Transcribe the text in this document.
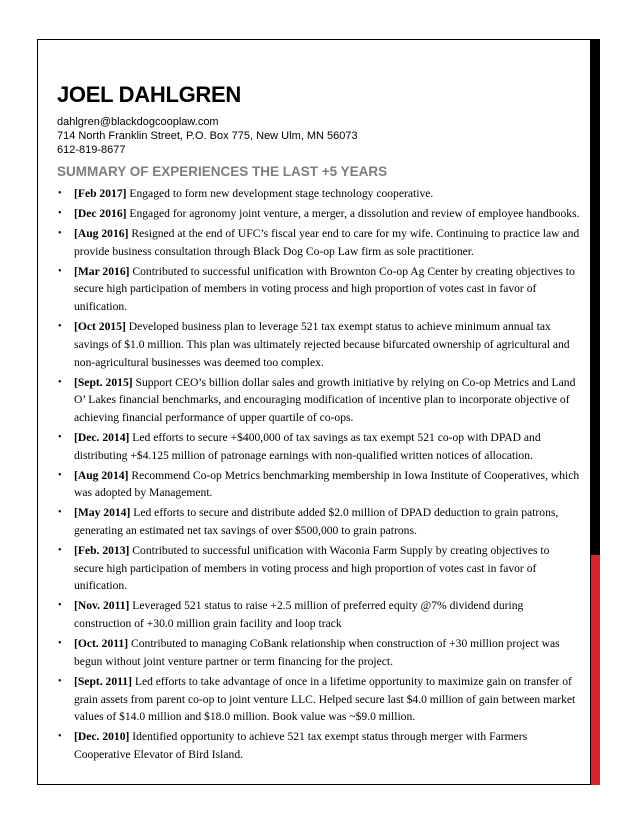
JOEL DAHLGREN
dahlgren@blackdogcooplaw.com
714 North Franklin Street, P.O. Box 775, New Ulm, MN 56073
612-819-8677
SUMMARY OF EXPERIENCES THE LAST +5 YEARS
• [Feb 2017] Engaged to form new development stage technology cooperative.
• [Dec 2016] Engaged for agronomy joint venture, a merger, a dissolution and review of employee handbooks.
• [Aug 2016] Resigned at the end of UFC’s fiscal year end to care for my wife. Continuing to practice law and provide business consultation through Black Dog Co-op Law firm as sole practitioner.
• [Mar 2016] Contributed to successful unification with Brownton Co-op Ag Center by creating objectives to secure high participation of members in voting process and high proportion of votes cast in favor of unification.
• [Oct 2015] Developed business plan to leverage 521 tax exempt status to achieve minimum annual tax savings of $1.0 million. This plan was ultimately rejected because bifurcated ownership of agricultural and non-agricultural businesses was deemed too complex.
• [Sept. 2015] Support CEO’s billion dollar sales and growth initiative by relying on Co-op Metrics and Land O’ Lakes financial benchmarks, and encouraging modification of incentive plan to incorporate objective of achieving financial performance of upper quartile of co-ops.
• [Dec. 2014] Led efforts to secure +$400,000 of tax savings as tax exempt 521 co-op with DPAD and distributing +$4.125 million of patronage earnings with non-qualified written notices of allocation.
• [Aug 2014] Recommend Co-op Metrics benchmarking membership in Iowa Institute of Cooperatives, which was adopted by Management.
• [May 2014] Led efforts to secure and distribute added $2.0 million of DPAD deduction to grain patrons, generating an estimated net tax savings of over $500,000 to grain patrons.
• [Feb. 2013] Contributed to successful unification with Waconia Farm Supply by creating objectives to secure high participation of members in voting process and high proportion of votes cast in favor of unification.
• [Nov. 2011] Leveraged 521 status to raise +2.5 million of preferred equity @7% dividend during construction of +30.0 million grain facility and loop track
• [Oct. 2011] Contributed to managing CoBank relationship when construction of +30 million project was begun without joint venture partner or term financing for the project.
• [Sept. 2011] Led efforts to take advantage of once in a lifetime opportunity to maximize gain on transfer of grain assets from parent co-op to joint venture LLC. Helped secure last $4.0 million of gain between market values of $14.0 million and $18.0 million. Book value was ~$9.0 million.
• [Dec. 2010] Identified opportunity to achieve 521 tax exempt status through merger with Farmers Cooperative Elevator of Bird Island.
